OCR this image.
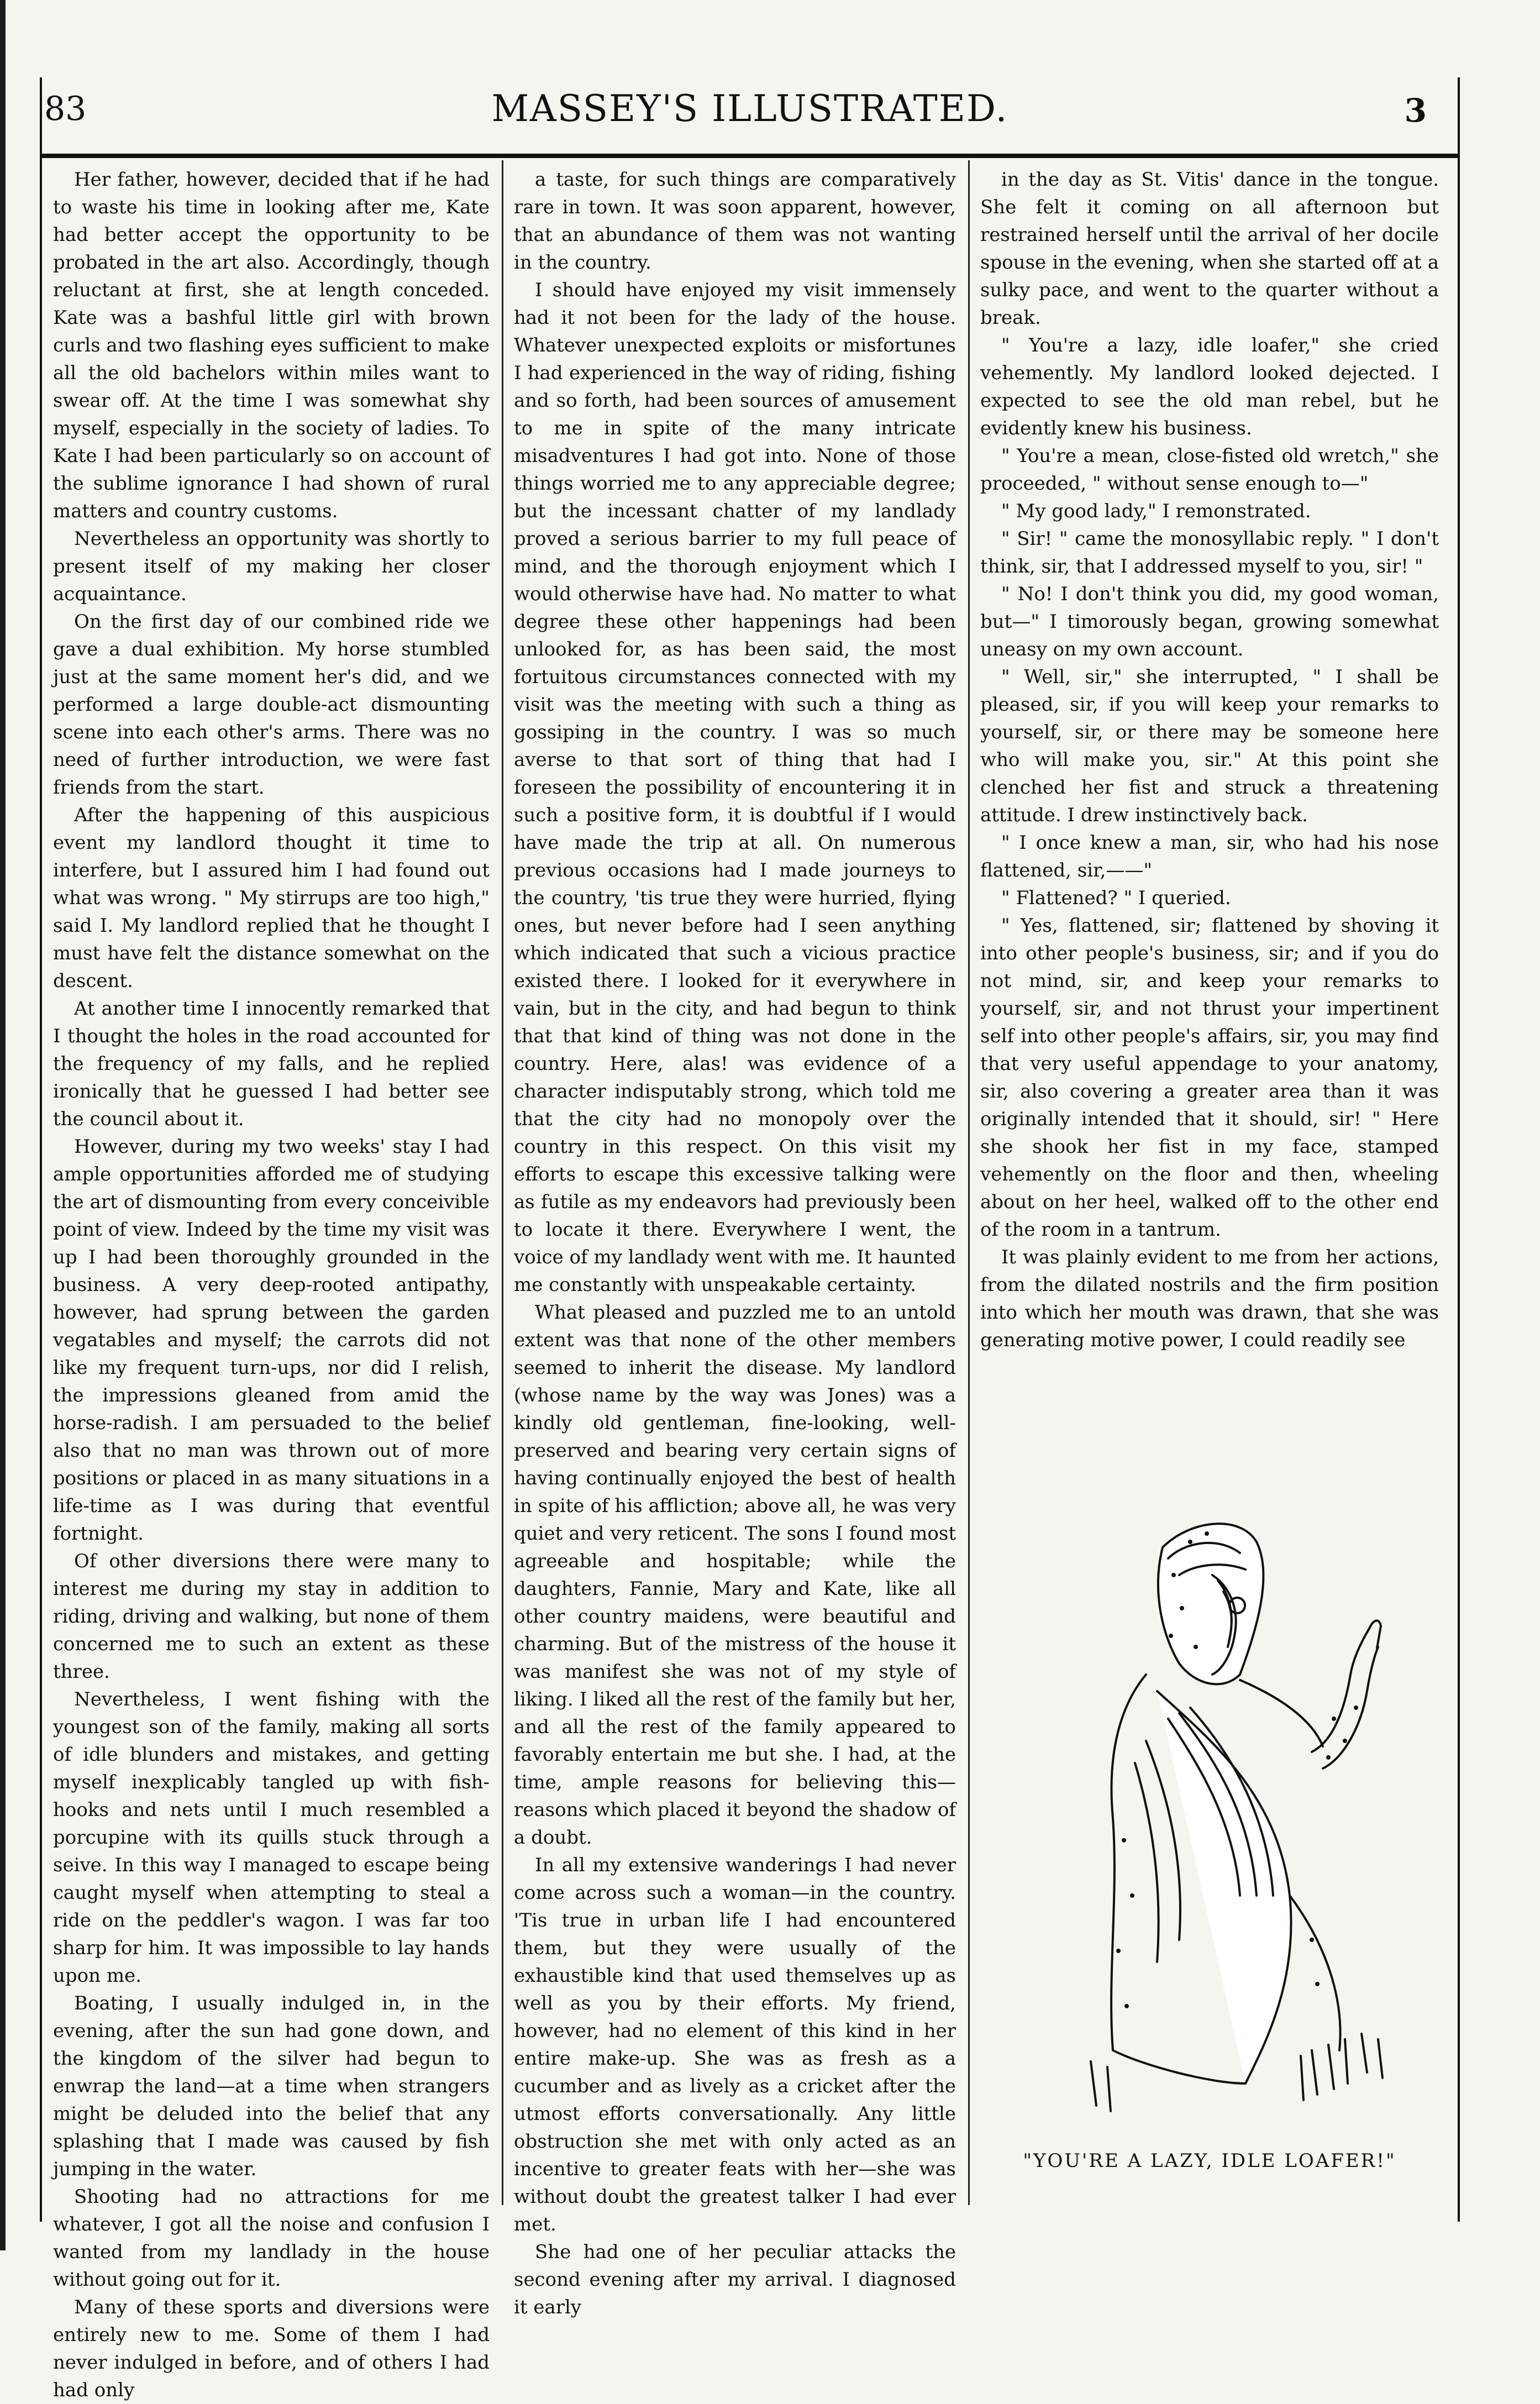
83	MASSEY'S ILLUSTRATED.	3

Her father, however, decided that if he had to waste his time in looking after me, Kate had better accept the opportunity to be probated in the art also. Accordingly, though reluctant at first, she at length conceded. Kate was a bashful little girl with brown curls and two flashing eyes sufficient to make all the old bachelors within miles want to swear off. At the time I was somewhat shy myself, especially in the society of ladies. To Kate I had been particularly so on account of the sublime ignorance I had shown of rural matters and country customs.

Nevertheless an opportunity was shortly to present itself of my making her closer acquaintance.

On the first day of our combined ride we gave a dual exhibition. My horse stumbled just at the same moment her's did, and we performed a large double-act dismounting scene into each other's arms. There was no need of further introduction, we were fast friends from the start.

After the happening of this auspicious event my landlord thought it time to interfere, but I assured him I had found out what was wrong. " My stirrups are too high," said I. My landlord replied that he thought I must have felt the distance somewhat on the descent.

At another time I innocently remarked that I thought the holes in the road accounted for the frequency of my falls, and he replied ironically that he guessed I had better see the council about it.

However, during my two weeks' stay I had ample opportunities afforded me of studying the art of dismounting from every conceivible point of view. Indeed by the time my visit was up I had been thoroughly grounded in the business. A very deep-rooted antipathy, however, had sprung between the garden vegatables and myself; the carrots did not like my frequent turn-ups, nor did I relish, the impressions gleaned from amid the horse-radish. I am persuaded to the belief also that no man was thrown out of more positions or placed in as many situations in a life-time as I was during that eventful fortnight.

Of other diversions there were many to interest me during my stay in addition to riding, driving and walking, but none of them concerned me to such an extent as these three.

Nevertheless, I went fishing with the youngest son of the family, making all sorts of idle blunders and mistakes, and getting myself inexplicably tangled up with fish-hooks and nets until I much resembled a porcupine with its quills stuck through a seive. In this way I managed to escape being caught myself when attempting to steal a ride on the peddler's wagon. I was far too sharp for him. It was impossible to lay hands upon me.

Boating, I usually indulged in, in the evening, after the sun had gone down, and the kingdom of the silver had begun to enwrap the land—at a time when strangers might be deluded into the belief that any splashing that I made was caused by fish jumping in the water.

Shooting had no attractions for me whatever, I got all the noise and confusion I wanted from my landlady in the house without going out for it.

Many of these sports and diversions were entirely new to me. Some of them I had never indulged in before, and of others I had had only

a taste, for such things are comparatively rare in town. It was soon apparent, however, that an abundance of them was not wanting in the country.

I should have enjoyed my visit immensely had it not been for the lady of the house. Whatever unexpected exploits or misfortunes I had experienced in the way of riding, fishing and so forth, had been sources of amusement to me in spite of the many intricate misadventures I had got into. None of those things worried me to any appreciable degree; but the incessant chatter of my landlady proved a serious barrier to my full peace of mind, and the thorough enjoyment which I would otherwise have had. No matter to what degree these other happenings had been unlooked for, as has been said, the most fortuitous circumstances connected with my visit was the meeting with such a thing as gossiping in the country. I was so much averse to that sort of thing that had I foreseen the possibility of encountering it in such a positive form, it is doubtful if I would have made the trip at all. On numerous previous occasions had I made journeys to the country, 'tis true they were hurried, flying ones, but never before had I seen anything which indicated that such a vicious practice existed there. I looked for it everywhere in vain, but in the city, and had begun to think that that kind of thing was not done in the country. Here, alas! was evidence of a character indisputably strong, which told me that the city had no monopoly over the country in this respect. On this visit my efforts to escape this excessive talking were as futile as my endeavors had previously been to locate it there. Everywhere I went, the voice of my landlady went with me. It haunted me constantly with unspeakable certainty.

What pleased and puzzled me to an untold extent was that none of the other members seemed to inherit the disease. My landlord (whose name by the way was Jones) was a kindly old gentleman, fine-looking, well-preserved and bearing very certain signs of having continually enjoyed the best of health in spite of his affliction; above all, he was very quiet and very reticent. The sons I found most agreeable and hospitable; while the daughters, Fannie, Mary and Kate, like all other country maidens, were beautiful and charming. But of the mistress of the house it was manifest she was not of my style of liking. I liked all the rest of the family but her, and all the rest of the family appeared to favorably entertain me but she. I had, at the time, ample reasons for believing this—reasons which placed it beyond the shadow of a doubt.

In all my extensive wanderings I had never come across such a woman—in the country. 'Tis true in urban life I had encountered them, but they were usually of the exhaustible kind that used themselves up as well as you by their efforts. My friend, however, had no element of this kind in her entire make-up. She was as fresh as a cucumber and as lively as a cricket after the utmost efforts conversationally. Any little obstruction she met with only acted as an incentive to greater feats with her—she was without doubt the greatest talker I had ever met.

She had one of her peculiar attacks the second evening after my arrival. I diagnosed it early

in the day as St. Vitis' dance in the tongue. She felt it coming on all afternoon but restrained herself until the arrival of her docile spouse in the evening, when she started off at a sulky pace, and went to the quarter without a break.

" You're a lazy, idle loafer," she cried vehemently. My landlord looked dejected. I expected to see the old man rebel, but he evidently knew his business.

" You're a mean, close-fisted old wretch," she proceeded, " without sense enough to—"

" My good lady," I remonstrated.

" Sir! " came the monosyllabic reply. " I don't think, sir, that I addressed myself to you, sir! "

" No! I don't think you did, my good woman, but—" I timorously began, growing somewhat uneasy on my own account.

" Well, sir," she interrupted, " I shall be pleased, sir, if you will keep your remarks to yourself, sir, or there may be someone here who will make you, sir." At this point she clenched her fist and struck a threatening attitude. I drew instinctively back.

" I once knew a man, sir, who had his nose flattened, sir,——"

" Flattened? " I queried.

" Yes, flattened, sir; flattened by shoving it into other people's business, sir; and if you do not mind, sir, and keep your remarks to yourself, sir, and not thrust your impertinent self into other people's affairs, sir, you may find that very useful appendage to your anatomy, sir, also covering a greater area than it was originally intended that it should, sir! " Here she shook her fist in my face, stamped vehemently on the floor and then, wheeling about on her heel, walked off to the other end of the room in a tantrum.

It was plainly evident to me from her actions, from the dilated nostrils and the firm position into which her mouth was drawn, that she was generating motive power, I could readily see

"YOU'RE A LAZY, IDLE LOAFER!"
